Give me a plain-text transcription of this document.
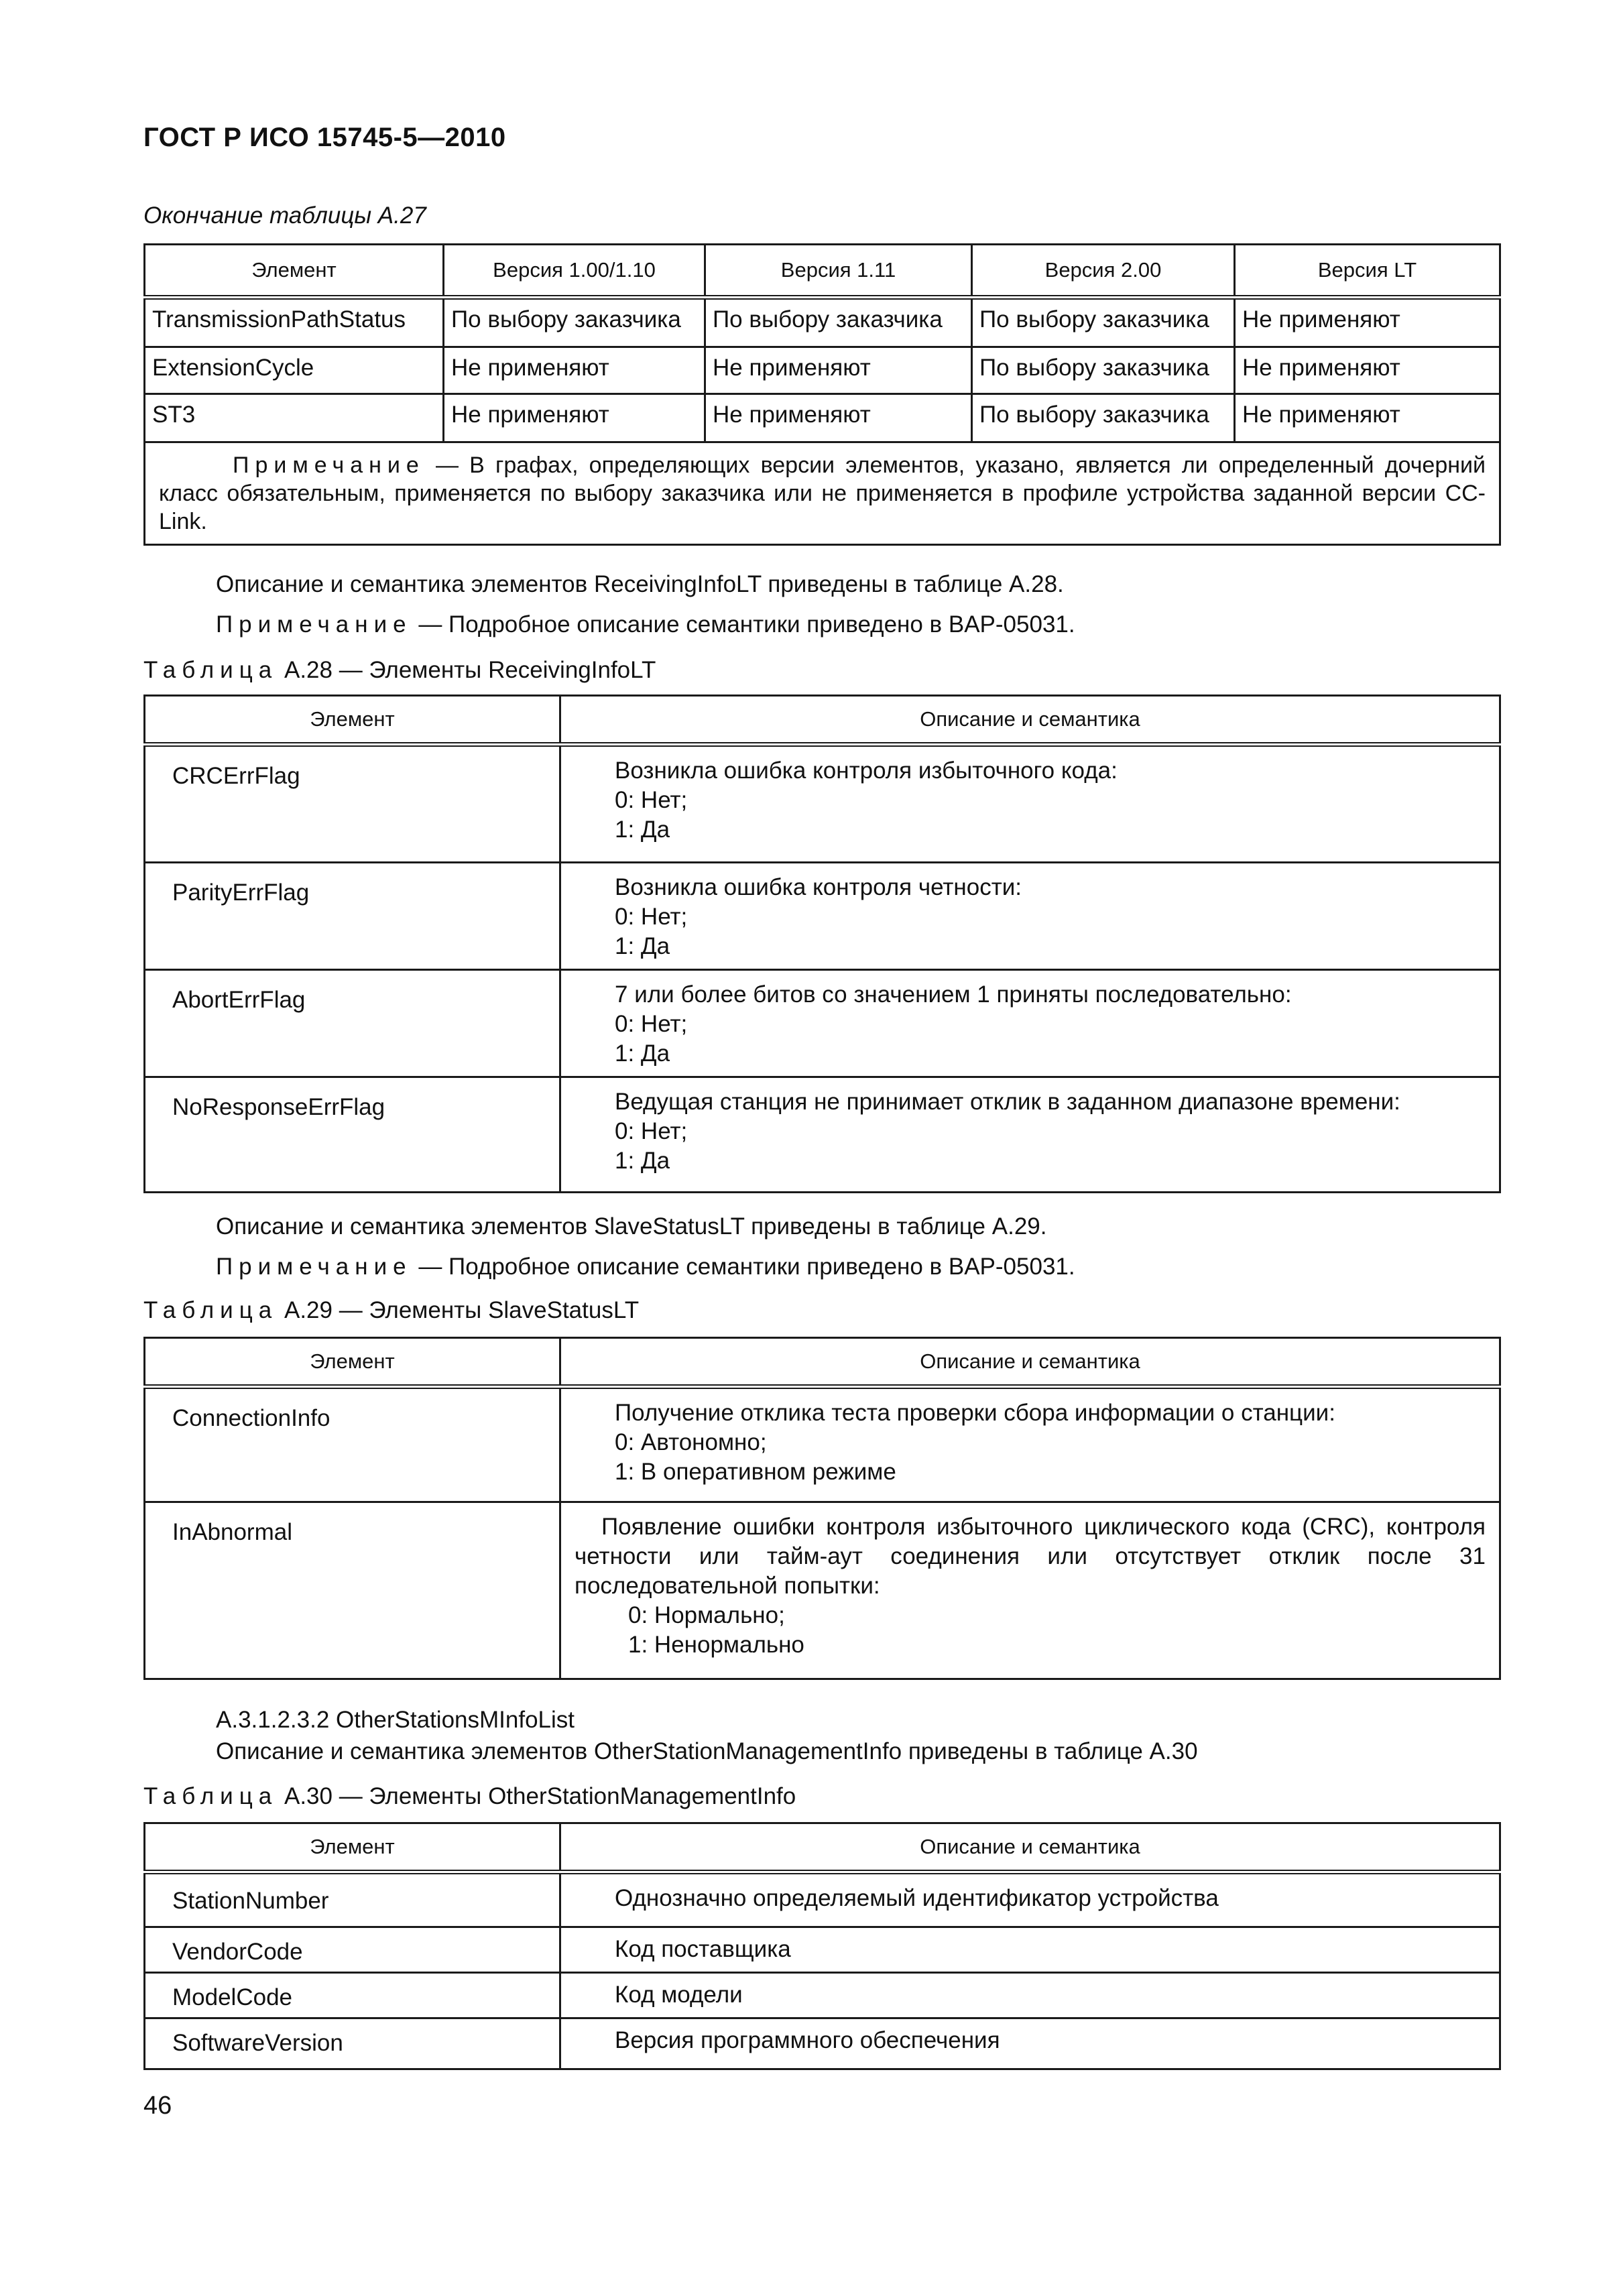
ГОСТ Р ИСО 15745-5—2010
Окончание таблицы А.27
Элемент	Версия 1.00/1.10	Версия 1.11	Версия 2.00	Версия LT
TransmissionPathStatus	По выбору заказчика	По выбору заказчика	По выбору заказчика	Не применяют
ExtensionCycle	Не применяют	Не применяют	По выбору заказчика	Не применяют
ST3	Не применяют	Не применяют	По выбору заказчика	Не применяют
Примечание — В графах, определяющих версии элементов, указано, является ли определенный дочерний класс обязательным, применяется по выбору заказчика или не применяется в профиле устройства заданной версии CC-Link.				
Описание и семантика элементов ReceivingInfoLT приведены в таблице А.28.
Примечание — Подробное описание семантики приведено в BAP-05031.
Таблица А.28 — Элементы ReceivingInfoLT
Элемент	Описание и семантика
CRCErrFlag	Возникла ошибка контроля избыточного кода:
0: Нет;
1: Да

ParityErrFlag	Возникла ошибка контроля четности:
0: Нет;
1: Да

AbortErrFlag	7 или более битов со значением 1 приняты последовательно:
0: Нет;
1: Да

NoResponseErrFlag	Ведущая станция не принимает отклик в заданном диапазоне времени:
0: Нет;
1: Да
Описание и семантика элементов SlaveStatusLT приведены в таблице А.29.
Примечание — Подробное описание семантики приведено в BAP-05031.
Таблица А.29 — Элементы SlaveStatusLT
Элемент	Описание и семантика
ConnectionInfo	Получение отклика теста проверки сбора информации о станции:
0: Автономно;
1: В оперативном режиме

InAbnormal	Появление ошибки контроля избыточного циклического кода (CRC), контроля четности или тайм-аут соединения или отсутствует отклик после 31 последовательной попытки:
0: Нормально;
1: Ненормально
А.3.1.2.3.2 OtherStationsMInfoList
Описание и семантика элементов OtherStationManagementInfo приведены в таблице А.30
Таблица А.30 — Элементы OtherStationManagementInfo
Элемент	Описание и семантика
StationNumber	Однозначно определяемый идентификатор устройства

VendorCode	Код поставщика

ModelCode	Код модели

SoftwareVersion	Версия программного обеспечения
46
